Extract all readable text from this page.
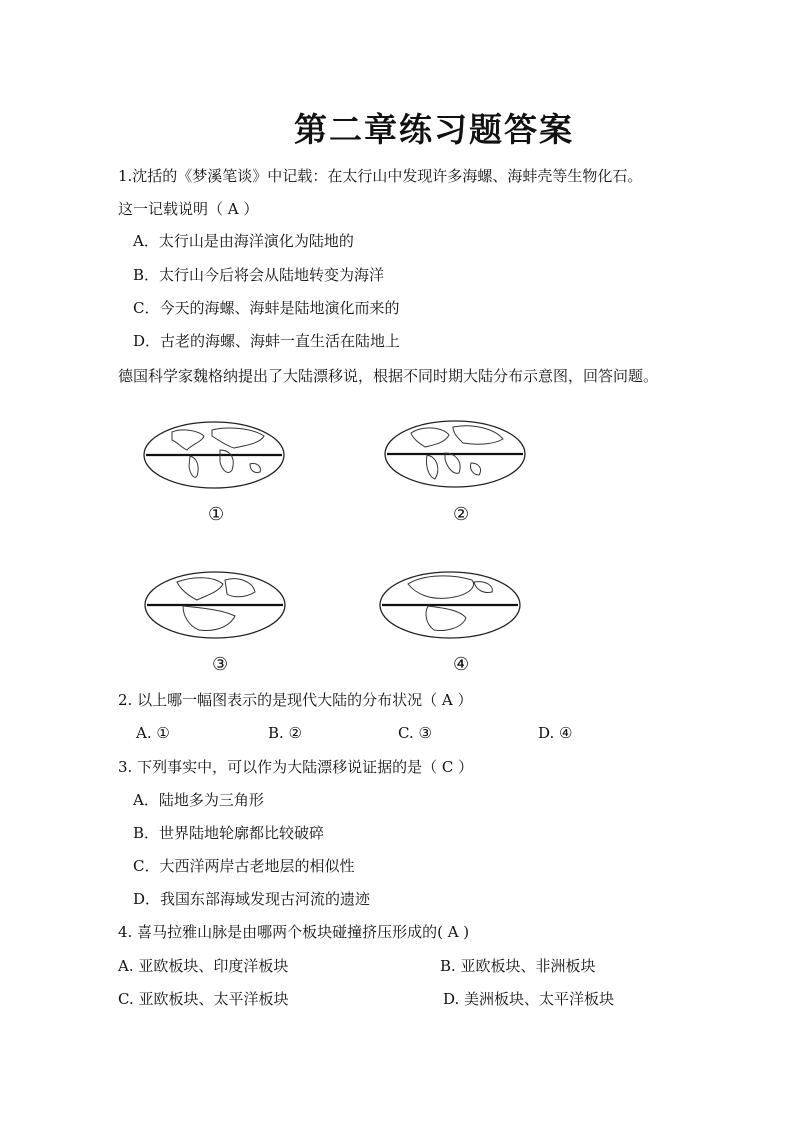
第二章练习题答案
1.沈括的《梦溪笔谈》中记载：在太行山中发现许多海螺、海蚌壳等生物化石。
这一记载说明（ A ）
A．太行山是由海洋演化为陆地的
B．太行山今后将会从陆地转变为海洋
C．今天的海螺、海蚌是陆地演化而来的
D．古老的海螺、海蚌一直生活在陆地上
德国科学家魏格纳提出了大陆漂移说，根据不同时期大陆分布示意图，回答问题。
①	②
③	④
2. 以上哪一幅图表示的是现代大陆的分布状况（ A ）
A. ①	B. ②	C. ③	D. ④
3. 下列事实中，可以作为大陆漂移说证据的是（ C ）
A．陆地多为三角形
B．世界陆地轮廓都比较破碎
C．大西洋两岸古老地层的相似性
D．我国东部海域发现古河流的遗迹
4. 喜马拉雅山脉是由哪两个板块碰撞挤压形成的( A )
A. 亚欧板块、印度洋板块	B. 亚欧板块、非洲板块
C. 亚欧板块、太平洋板块	D. 美洲板块、太平洋板块
